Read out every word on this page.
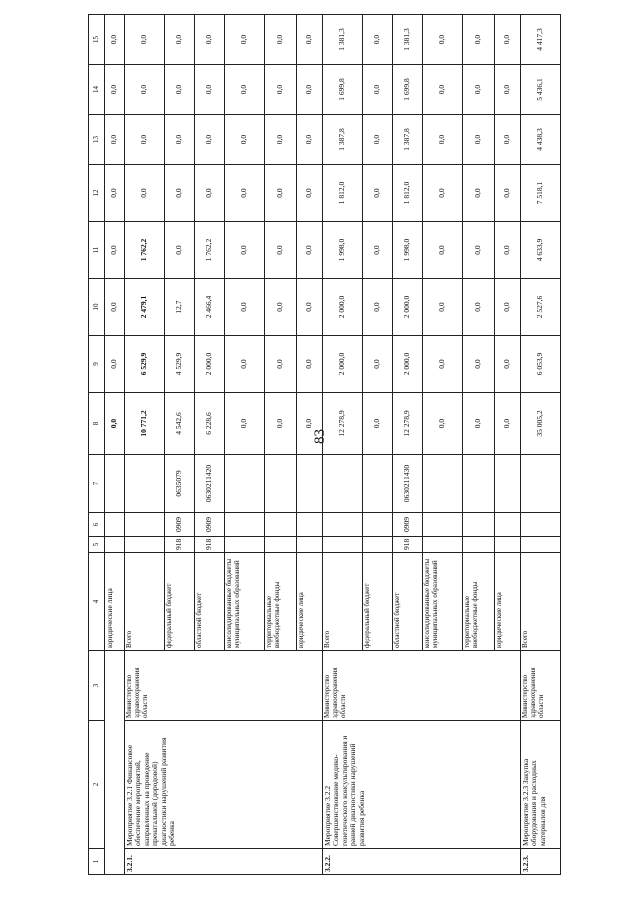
83
1	2	3	4	5	6	7	8	9	10	11	12	13	14	15
			юридические лица				0,0	0,0	0,0	0,0	0,0	0,0	0,0	0,0
3.2.1.	Мероприятие 3.2.1 Финансовое обеспечение мероприятий, направленных на проведение пренатальной (дородовой) диагностики нарушений развития ребенка	Министерство здравоохранения области	Всего				10 771,2	6 529,9	2 479,1	1 762,2	0,0	0,0	0,0	0,0
			федеральный бюджет	918	0909	0635079	4 542,6	4 529,9	12,7	0,0	0,0	0,0	0,0	0,0
			областной бюджет	918	0909	0630211420	6 228,6	2 000,0	2 466,4	1 762,2	0,0	0,0	0,0	0,0
			консолидированные бюджеты муниципальных образований				0,0	0,0	0,0	0,0	0,0	0,0	0,0	0,0
			территориальные внебюджетные фонды				0,0	0,0	0,0	0,0	0,0	0,0	0,0	0,0
			юридические лица				0,0	0,0	0,0	0,0	0,0	0,0	0,0	0,0
3.2.2.	Мероприятие 3.2.2 Совершенствование медико-генетического консультирования и ранней диагностики нарушений развития ребенка	Министерство здравоохранения области	Всего				12 278,9	2 000,0	2 000,0	1 998,0	1 812,0	1 387,8	1 699,8	1 381,3
			федеральный бюджет				0,0	0,0	0,0	0,0	0,0	0,0	0,0	0,0
			областной бюджет	918	0909	0630211430	12 278,9	2 000,0	2 000,0	1 998,0	1 812,0	1 387,8	1 699,8	1 381,3
			консолидированные бюджеты муниципальных образований				0,0	0,0	0,0	0,0	0,0	0,0	0,0	0,0
			территориальные внебюджетные фонды				0,0	0,0	0,0	0,0	0,0	0,0	0,0	0,0
			юридические лица				0,0	0,0	0,0	0,0	0,0	0,0	0,0	0,0
3.2.3.	Мероприятие 3.2.3 Закупка оборудования и расходных материалов для	Министерство здравоохранения области	Всего				35 005,2	6 053,9	2 527,6	4 633,9	7 518,1	4 438,3	5 436,1	4 417,3
